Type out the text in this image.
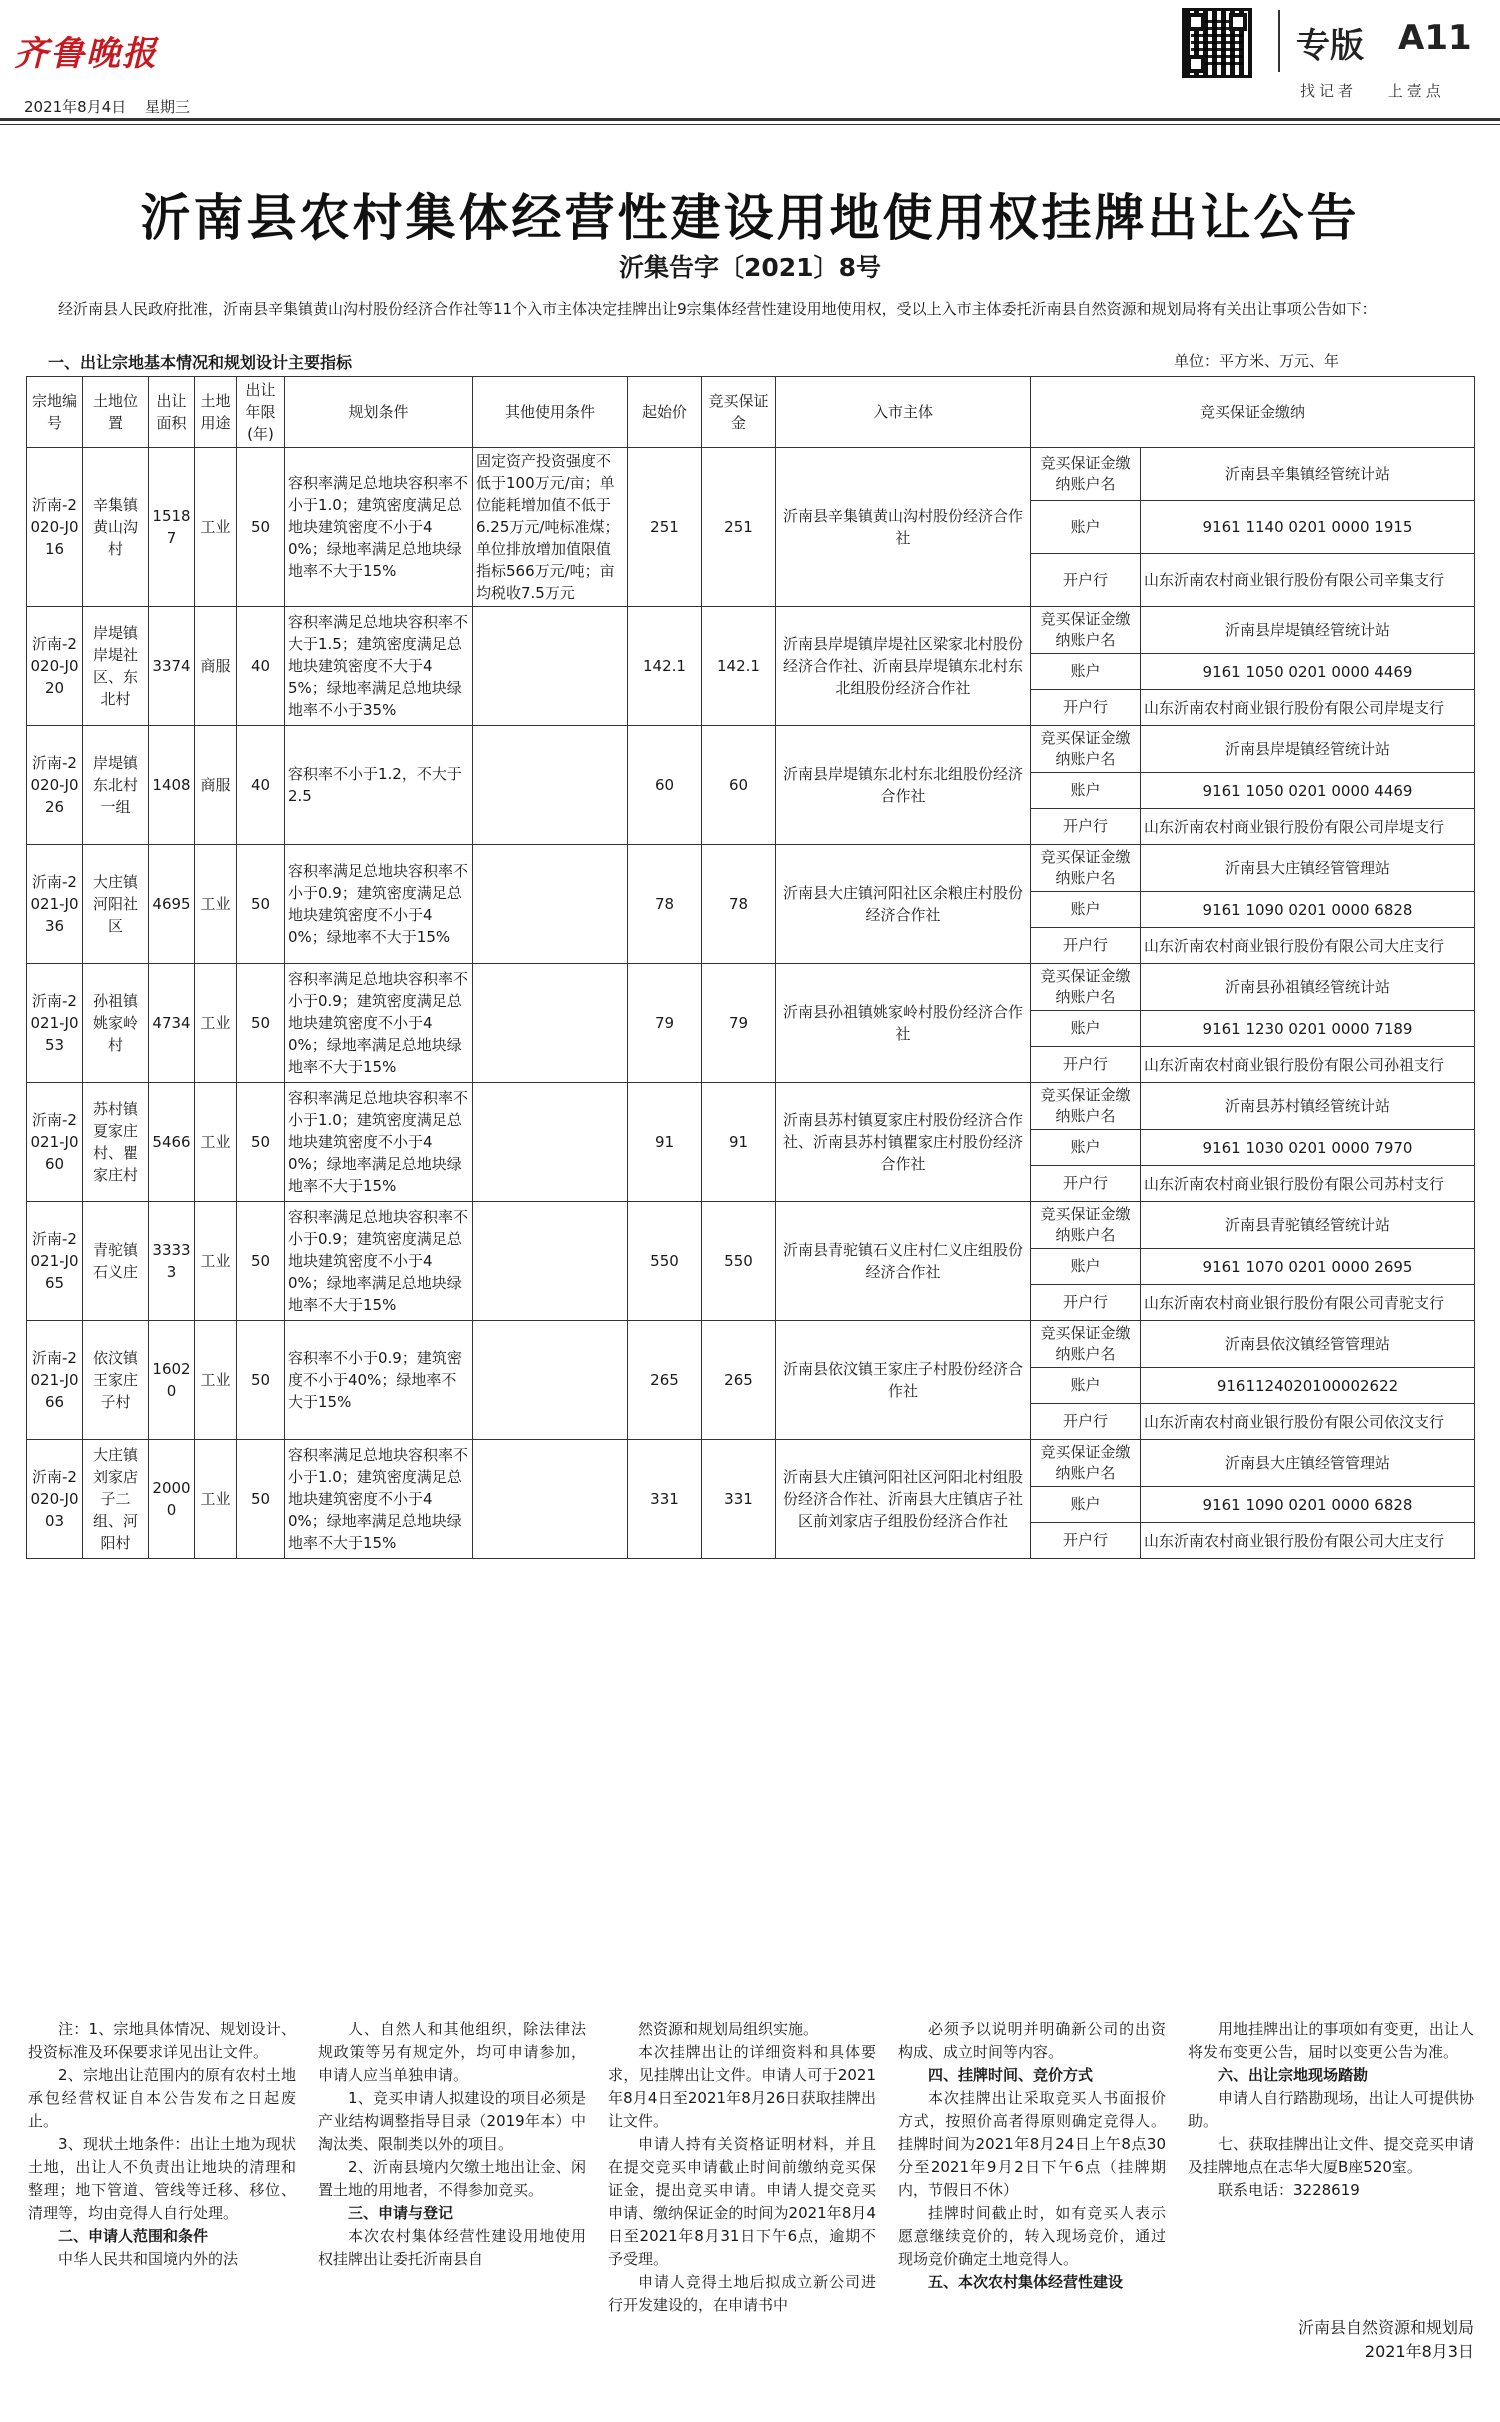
齐鲁晚报
2021年8月4日 星期三
专版 A11
找记者 上壹点
沂南县农村集体经营性建设用地使用权挂牌出让公告
沂集告字〔2021〕8号
经沂南县人民政府批准，沂南县辛集镇黄山沟村股份经济合作社等11个入市主体决定挂牌出让9宗集体经营性建设用地使用权，受以上入市主体委托沂南县自然资源和规划局将有关出让事项公告如下：
一、出让宗地基本情况和规划设计主要指标	单位：平方米、万元、年
宗地编号	土地位置	出让面积	土地用途	出让年限(年)	规划条件	其他使用条件	起始价	竞买保证金	入市主体	竞买保证金缴纳	
沂南-2020-J016	辛集镇黄山沟村	15187	工业	50	容积率满足总地块容积率不小于1.0；建筑密度满足总地块建筑密度不小于40%；绿地率满足总地块绿地率不大于15%	固定资产投资强度不低于100万元/亩；单位能耗增加值不低于6.25万元/吨标准煤；单位排放增加值限值指标566万元/吨；亩均税收7.5万元	251	251	沂南县辛集镇黄山沟村股份经济合作社	竞买保证金缴纳账户名	沂南县辛集镇经管统计站
										账户	9161 1140 0201 0000 1915
										开户行	山东沂南农村商业银行股份有限公司辛集支行
沂南-2020-J020	岸堤镇岸堤社区、东北村	3374	商服	40	容积率满足总地块容积率不大于1.5；建筑密度满足总地块建筑密度不大于45%；绿地率满足总地块绿地率不小于35%		142.1	142.1	沂南县岸堤镇岸堤社区梁家北村股份经济合作社、沂南县岸堤镇东北村东北组股份经济合作社	竞买保证金缴纳账户名	沂南县岸堤镇经管统计站
										账户	9161 1050 0201 0000 4469
										开户行	山东沂南农村商业银行股份有限公司岸堤支行
沂南-2020-J026	岸堤镇东北村一组	1408	商服	40	容积率不小于1.2，不大于2.5		60	60	沂南县岸堤镇东北村东北组股份经济合作社	竞买保证金缴纳账户名	沂南县岸堤镇经管统计站
										账户	9161 1050 0201 0000 4469
										开户行	山东沂南农村商业银行股份有限公司岸堤支行
沂南-2021-J036	大庄镇河阳社区	4695	工业	50	容积率满足总地块容积率不小于0.9；建筑密度满足总地块建筑密度不小于40%；绿地率不大于15%		78	78	沂南县大庄镇河阳社区余粮庄村股份经济合作社	竞买保证金缴纳账户名	沂南县大庄镇经管管理站
										账户	9161 1090 0201 0000 6828
										开户行	山东沂南农村商业银行股份有限公司大庄支行
沂南-2021-J053	孙祖镇姚家岭村	4734	工业	50	容积率满足总地块容积率不小于0.9；建筑密度满足总地块建筑密度不小于40%；绿地率满足总地块绿地率不大于15%		79	79	沂南县孙祖镇姚家岭村股份经济合作社	竞买保证金缴纳账户名	沂南县孙祖镇经管统计站
										账户	9161 1230 0201 0000 7189
										开户行	山东沂南农村商业银行股份有限公司孙祖支行
沂南-2021-J060	苏村镇夏家庄村、瞿家庄村	5466	工业	50	容积率满足总地块容积率不小于1.0；建筑密度满足总地块建筑密度不小于40%；绿地率满足总地块绿地率不大于15%		91	91	沂南县苏村镇夏家庄村股份经济合作社、沂南县苏村镇瞿家庄村股份经济合作社	竞买保证金缴纳账户名	沂南县苏村镇经管统计站
										账户	9161 1030 0201 0000 7970
										开户行	山东沂南农村商业银行股份有限公司苏村支行
沂南-2021-J065	青驼镇石义庄	33333	工业	50	容积率满足总地块容积率不小于0.9；建筑密度满足总地块建筑密度不小于40%；绿地率满足总地块绿地率不大于15%		550	550	沂南县青驼镇石义庄村仁义庄组股份经济合作社	竞买保证金缴纳账户名	沂南县青驼镇经管统计站
										账户	9161 1070 0201 0000 2695
										开户行	山东沂南农村商业银行股份有限公司青驼支行
沂南-2021-J066	依汶镇王家庄子村	16020	工业	50	容积率不小于0.9；建筑密度不小于40%；绿地率不大于15%		265	265	沂南县依汶镇王家庄子村股份经济合作社	竞买保证金缴纳账户名	沂南县依汶镇经管管理站
										账户	9161124020100002622
										开户行	山东沂南农村商业银行股份有限公司依汶支行
沂南-2020-J003	大庄镇刘家店子二组、河阳村	20000	工业	50	容积率满足总地块容积率不小于1.0；建筑密度满足总地块建筑密度不小于40%；绿地率满足总地块绿地率不大于15%		331	331	沂南县大庄镇河阳社区河阳北村组股份经济合作社、沂南县大庄镇店子社区前刘家店子组股份经济合作社	竞买保证金缴纳账户名	沂南县大庄镇经管管理站
										账户	9161 1090 0201 0000 6828
										开户行	山东沂南农村商业银行股份有限公司大庄支行

注：1、宗地具体情况、规划设计、投资标准及环保要求详见出让文件。

2、宗地出让范围内的原有农村土地承包经营权证自本公告发布之日起废止。

3、现状土地条件：出让土地为现状土地，出让人不负责出让地块的清理和整理；地下管道、管线等迁移、移位、清理等，均由竞得人自行处理。

二、申请人范围和条件

中华人民共和国境内外的法

人、自然人和其他组织，除法律法规政策等另有规定外，均可申请参加，申请人应当单独申请。

1、竞买申请人拟建设的项目必须是产业结构调整指导目录（2019年本）中淘汰类、限制类以外的项目。

2、沂南县境内欠缴土地出让金、闲置土地的用地者，不得参加竞买。

三、申请与登记

本次农村集体经营性建设用地使用权挂牌出让委托沂南县自

然资源和规划局组织实施。

本次挂牌出让的详细资料和具体要求，见挂牌出让文件。申请人可于2021年8月4日至2021年8月26日获取挂牌出让文件。

申请人持有关资格证明材料，并且在提交竞买申请截止时间前缴纳竞买保证金，提出竞买申请。申请人提交竞买申请、缴纳保证金的时间为2021年8月4日至2021年8月31日下午6点，逾期不予受理。

申请人竞得土地后拟成立新公司进行开发建设的，在申请书中

必须予以说明并明确新公司的出资构成、成立时间等内容。

四、挂牌时间、竞价方式

本次挂牌出让采取竞买人书面报价方式，按照价高者得原则确定竞得人。挂牌时间为2021年8月24日上午8点30分至2021年9月2日下午6点（挂牌期内，节假日不休）

挂牌时间截止时，如有竞买人表示愿意继续竞价的，转入现场竞价，通过现场竞价确定土地竞得人。

五、本次农村集体经营性建设

用地挂牌出让的事项如有变更，出让人将发布变更公告，届时以变更公告为准。

六、出让宗地现场踏勘

申请人自行踏勘现场，出让人可提供协助。

七、获取挂牌出让文件、提交竞买申请及挂牌地点在志华大厦B座520室。

联系电话：3228619

沂南县自然资源和规划局
2021年8月3日
